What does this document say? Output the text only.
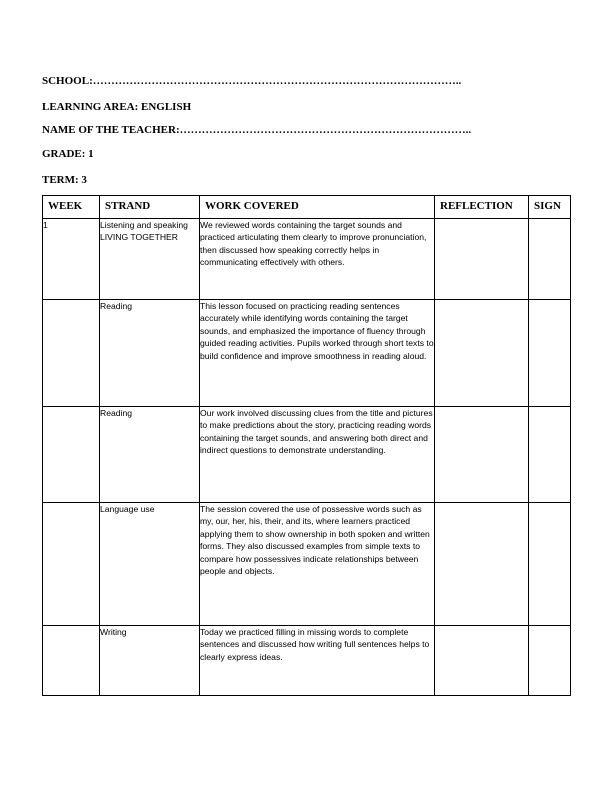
SCHOOL:………………………………………………………………………………………..
LEARNING AREA: ENGLISH
NAME OF THE TEACHER:……………………………………………………………………..
GRADE: 1
TERM: 3
WEEK	STRAND	WORK COVERED	REFLECTION	SIGN
1	Listening and speaking LIVING TOGETHER	We reviewed words containing the target sounds and practiced articulating them clearly to improve pronunciation, then discussed how speaking correctly helps in communicating effectively with others.		
	Reading	This lesson focused on practicing reading sentences accurately while identifying words containing the target sounds, and emphasized the importance of fluency through guided reading activities. Pupils worked through short texts to build confidence and improve smoothness in reading aloud.		
	Reading	Our work involved discussing clues from the title and pictures to make predictions about the story, practicing reading words containing the target sounds, and answering both direct and indirect questions to demonstrate understanding.		
	Language use	The session covered the use of possessive words such as my, our, her, his, their, and its, where learners practiced applying them to show ownership in both spoken and written forms. They also discussed examples from simple texts to compare how possessives indicate relationships between people and objects.		
	Writing	Today we practiced filling in missing words to complete sentences and discussed how writing full sentences helps to clearly express ideas.		
